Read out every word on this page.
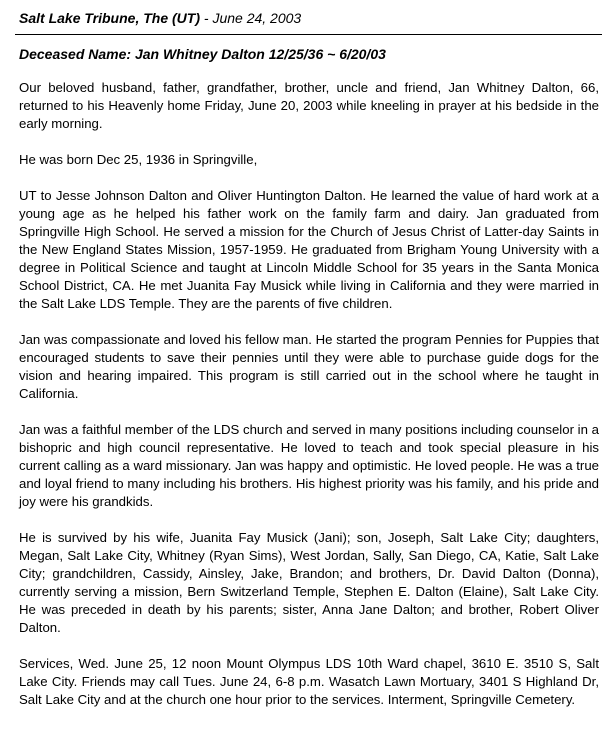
Salt Lake Tribune, The (UT) - June 24, 2003
Deceased Name: Jan Whitney Dalton 12/25/36 ~ 6/20/03

Our beloved husband, father, grandfather, brother, uncle and friend, Jan Whitney Dalton, 66, returned to his Heavenly home Friday, June 20, 2003 while kneeling in prayer at his bedside in the early morning.

He was born Dec 25, 1936 in Springville,

UT to Jesse Johnson Dalton and Oliver Huntington Dalton. He learned the value of hard work at a young age as he helped his father work on the family farm and dairy. Jan graduated from Springville High School. He served a mission for the Church of Jesus Christ of Latter-day Saints in the New England States Mission, 1957-1959. He graduated from Brigham Young University with a degree in Political Science and taught at Lincoln Middle School for 35 years in the Santa Monica School District, CA. He met Juanita Fay Musick while living in California and they were married in the Salt Lake LDS Temple. They are the parents of five children.

Jan was compassionate and loved his fellow man. He started the program Pennies for Puppies that encouraged students to save their pennies until they were able to purchase guide dogs for the vision and hearing impaired. This program is still carried out in the school where he taught in California.

Jan was a faithful member of the LDS church and served in many positions including counselor in a bishopric and high council representative. He loved to teach and took special pleasure in his current calling as a ward missionary. Jan was happy and optimistic. He loved people. He was a true and loyal friend to many including his brothers. His highest priority was his family, and his pride and joy were his grandkids.

He is survived by his wife, Juanita Fay Musick (Jani); son, Joseph, Salt Lake City; daughters, Megan, Salt Lake City, Whitney (Ryan Sims), West Jordan, Sally, San Diego, CA, Katie, Salt Lake City; grandchildren, Cassidy, Ainsley, Jake, Brandon; and brothers, Dr. David Dalton (Donna), currently serving a mission, Bern Switzerland Temple, Stephen E. Dalton (Elaine), Salt Lake City. He was preceded in death by his parents; sister, Anna Jane Dalton; and brother, Robert Oliver Dalton.

Services, Wed. June 25, 12 noon Mount Olympus LDS 10th Ward chapel, 3610 E. 3510 S, Salt Lake City. Friends may call Tues. June 24, 6-8 p.m. Wasatch Lawn Mortuary, 3401 S Highland Dr, Salt Lake City and at the church one hour prior to the services. Interment, Springville Cemetery.
